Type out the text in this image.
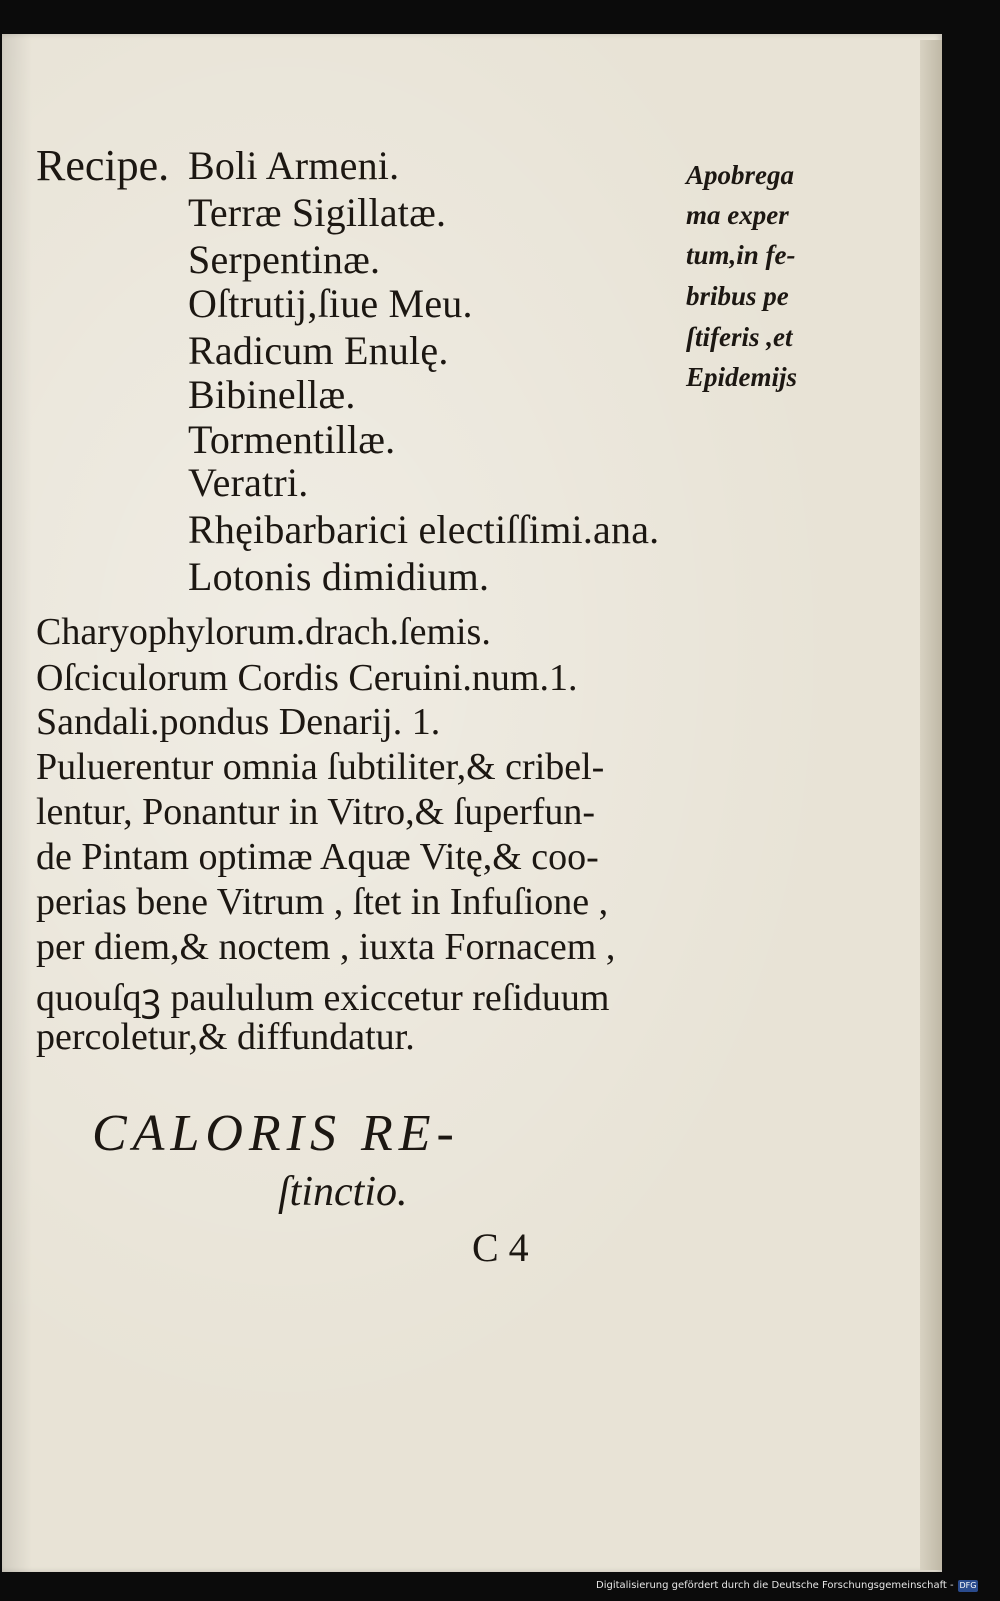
Recipe. Boli Armeni.
Terræ Sigillatæ.
Serpentinæ.
Oſtrutij,ſiue Meu.
Radicum Enulę.
Bibinellæ.
Tormentillæ.
Veratri.
Rhęibarbarici electiſſimi.ana.
Lotonis dimidium.
Apobrega
ma exper
tum,in fe-
bribus pe
ſtiferis ,et
Epidemijs
Charyophylorum.drach.ſemis.
Oſciculorum Cordis Ceruini.num.1.
Sandali.pondus Denarij. 1.
Puluerentur omnia ſubtiliter,& cribel-
lentur, Ponantur in Vitro,& ſuperfun-
de Pintam optimæ Aquæ Vitę,& coo-
perias bene Vitrum , ſtet in Infuſione ,
per diem,& noctem , iuxta Fornacem ,
quouſqꝫ paululum exiccetur reſiduum
percoletur,& diffundatur.
CALORIS RE-
ſtinctio.
C 4
Digitalisierung gefördert durch die Deutsche Forschungsgemeinschaft - DFG
